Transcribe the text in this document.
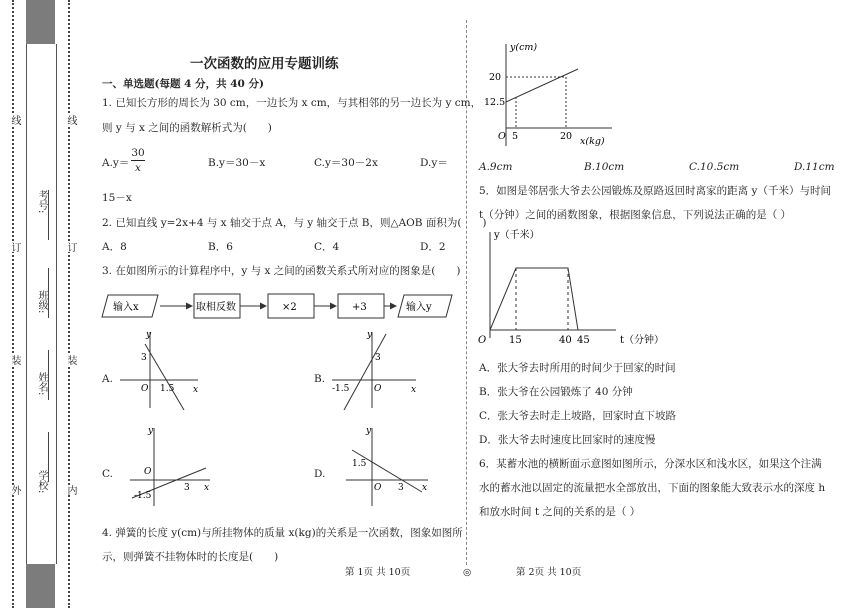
线
订
装
外
线
订
装
内
考号:
班级:
姓名:
学校:
一次函数的应用专题训练
一、单选题(每题 4 分，共 40 分)
1. 已知长方形的周长为 30 cm，一边长为 x cm，与其相邻的另一边长为 y cm，
则 y 与 x 之间的函数解析式为(　　)
$A.y= \frac{30}{x}$	B.y＝30－x	C.y＝30－2x	D.y＝
15－x
2. 已知直线 y=2x+4 与 x 轴交于点 A，与 y 轴交于点 B，则△AOB 面积为(　　)
A．8	B．6	C．4	D．2
3. 在如图所示的计算程序中，y 与 x 之间的函数关系式所对应的图象是(　　)
输入x	取相反数	×2	+3	输入y
A.
y
x
O
3
1.5
B.
y
x
O
3
-1.5
C.
y
x
O
3
-1.5
D.
y
x
O
1.5
3
4. 弹簧的长度 y(cm)与所挂物体的质量 x(kg)的关系是一次函数，图象如图所
示，则弹簧不挂物体时的长度是(　　)
第 1页 共 10页	◎	第 2页 共 10页
y(cm)
x(kg)
O 5	20
12.5
20
A.9cm	B.10cm	C.10.5cm	D.11cm
5．如图是邻居张大爷去公园锻炼及原路返回时离家的距离 y（千米）与时间
t（分钟）之间的函数图象，根据图象信息，下列说法正确的是（ ）
y（千米）
t（分钟）
O 15	40 45
A．张大爷去时所用的时间少于回家的时间
B．张大爷在公园锻炼了 40 分钟
C．张大爷去时走上坡路，回家时直下坡路
D．张大爷去时速度比回家时的速度慢
6．某蓄水池的横断面示意图如图所示，分深水区和浅水区，如果这个注满
水的蓄水池以固定的流量把水全部放出，下面的图象能大致表示水的深度 h
和放水时间 t 之间的关系的是（ ）
